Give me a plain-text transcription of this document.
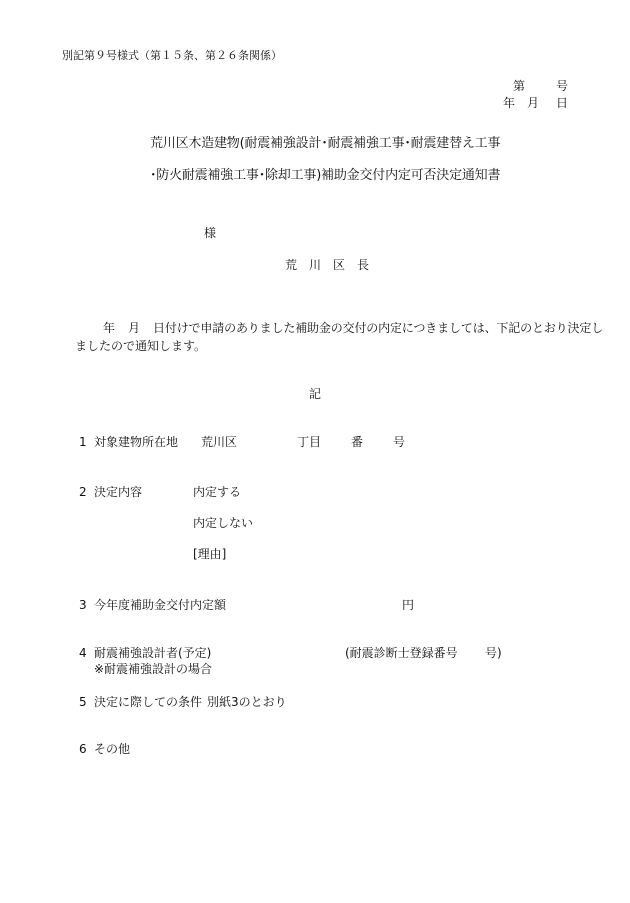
別記第９号様式（第１５条、第２６条関係）
第	号
年 月 日
荒川区木造建物(耐震補強設計･耐震補強工事･耐震建替え工事
･防火耐震補強工事･除却工事)補助金交付内定可否決定通知書
様
荒　川　区　長
年 月 日付けで申請のありました補助金の交付の内定につきましては、下記のとおり決定し
ましたので通知します。
記
1 対象建物所在地 荒川区	丁目 番 号
2 決定内容	内定する
内定しない
[理由]
3 今年度補助金交付内定額	円
4 耐震補強設計者(予定)	(耐震診断士登録番号 号)
※耐震補強設計の場合
5 決定に際しての条件 別紙3のとおり
6 その他
